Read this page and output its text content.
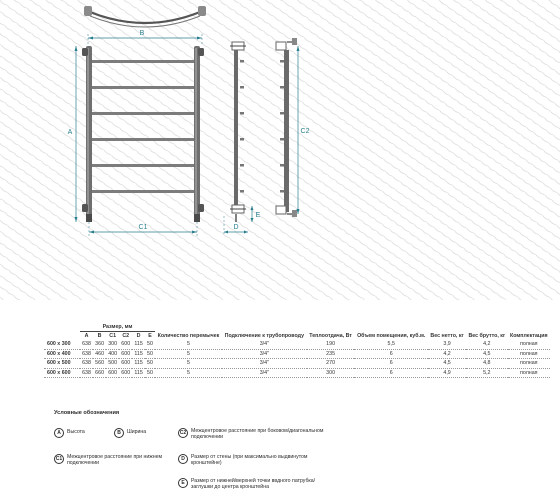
B
A
C1	D
E
C2
	Размер, мм						Количество перемычек	Подключение к трубопроводу	Теплоотдача, Вт	Объем помещения, куб.м.	Вес нетто, кг	Вес брутто, кг	Комплектация
	A	B	C1	C2	D	E							
600 x 300	638	360	300	600	115	50	5	3/4"	190	5,5	3,9	4,2	полная
600 x 400	638	460	400	600	115	50	5	3/4"	235	6	4,2	4,5	полная
600 x 500	638	560	500	600	115	50	5	3/4"	270	6	4,5	4,8	полная
600 x 600	638	660	600	600	115	50	5	3/4"	300	6	4,9	5,2	полная
Условные обозначения
A	Высота	B	Ширина	C2 Межцентровое расстояние при боковом/диагональном подключении
C1 Межцентровое расстояние при нижнем подключении
D	Размер от стены (при максимально выдвинутом кронштейне)
E	Размер от нижней/верхней точки ввдного патрубка/заглушки до центра кронштейна
